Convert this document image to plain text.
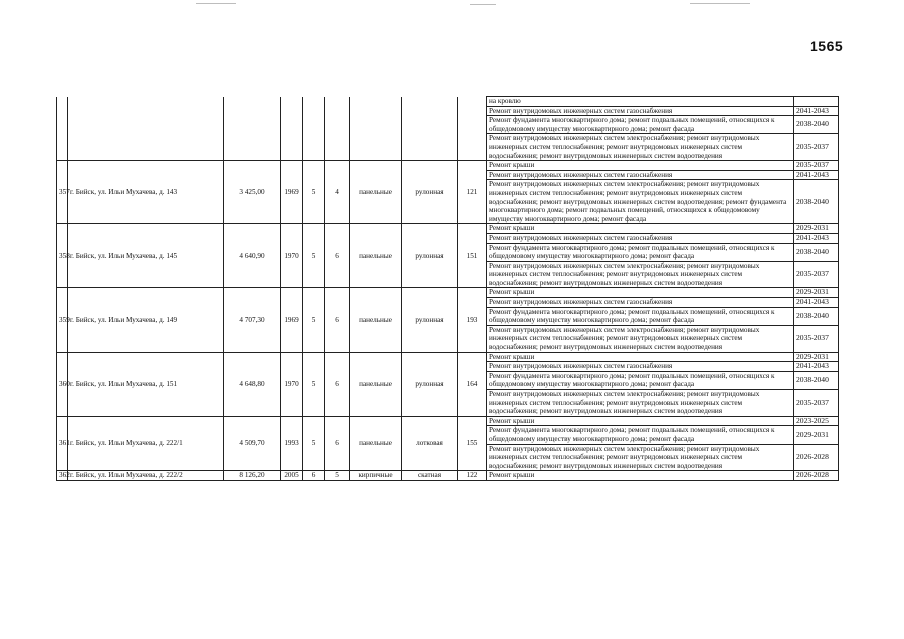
1565
									на кровлю	
									Ремонт внутридомовых инженерных систем газоснабжения	2041-2043
									Ремонт фундамента многоквартирного дома; ремонт подвальных помещений, относящихся к общедомовому имуществу многоквартирного дома; ремонт фасада	2038-2040
									Ремонт внутридомовых инженерных систем электроснабжения; ремонт внутридомовых инженерных систем теплоснабжения; ремонт внутридомовых инженерных систем водоснабжения; ремонт внутридомовых инженерных систем водоотведения	2035-2037
357	г. Бийск, ул. Ильи Мухачева, д. 143	3 425,00	1969	5	4	панельные	рулонная	121	Ремонт крыши	2035-2037
									Ремонт внутридомовых инженерных систем газоснабжения	2041-2043
									Ремонт внутридомовых инженерных систем электроснабжения; ремонт внутридомовых инженерных систем теплоснабжения; ремонт внутридомовых инженерных систем водоснабжения; ремонт внутридомовых инженерных систем водоотведения; ремонт фундамента многоквартирного дома; ремонт подвальных помещений, относящихся к общедомовому имуществу многоквартирного дома; ремонт фасада	2038-2040
358	г. Бийск, ул. Ильи Мухачева, д. 145	4 640,90	1970	5	6	панельные	рулонная	151	Ремонт крыши	2029-2031
									Ремонт внутридомовых инженерных систем газоснабжения	2041-2043
									Ремонт фундамента многоквартирного дома; ремонт подвальных помещений, относящихся к общедомовому имуществу многоквартирного дома; ремонт фасада	2038-2040
									Ремонт внутридомовых инженерных систем электроснабжения; ремонт внутридомовых инженерных систем теплоснабжения; ремонт внутридомовых инженерных систем водоснабжения; ремонт внутридомовых инженерных систем водоотведения	2035-2037
359	г. Бийск, ул. Ильи Мухачева, д. 149	4 707,30	1969	5	6	панельные	рулонная	193	Ремонт крыши	2029-2031
									Ремонт внутридомовых инженерных систем газоснабжения	2041-2043
									Ремонт фундамента многоквартирного дома; ремонт подвальных помещений, относящихся к общедомовому имуществу многоквартирного дома; ремонт фасада	2038-2040
									Ремонт внутридомовых инженерных систем электроснабжения; ремонт внутридомовых инженерных систем теплоснабжения; ремонт внутридомовых инженерных систем водоснабжения; ремонт внутридомовых инженерных систем водоотведения	2035-2037
360	г. Бийск, ул. Ильи Мухачева, д. 151	4 648,80	1970	5	6	панельные	рулонная	164	Ремонт крыши	2029-2031
									Ремонт внутридомовых инженерных систем газоснабжения	2041-2043
									Ремонт фундамента многоквартирного дома; ремонт подвальных помещений, относящихся к общедомовому имуществу многоквартирного дома; ремонт фасада	2038-2040
									Ремонт внутридомовых инженерных систем электроснабжения; ремонт внутридомовых инженерных систем теплоснабжения; ремонт внутридомовых инженерных систем водоснабжения; ремонт внутридомовых инженерных систем водоотведения	2035-2037
361	г. Бийск, ул. Ильи Мухачева, д. 222/1	4 509,70	1993	5	6	панельные	лотковая	155	Ремонт крыши	2023-2025
									Ремонт фундамента многоквартирного дома; ремонт подвальных помещений, относящихся к общедомовому имуществу многоквартирного дома; ремонт фасада	2029-2031
									Ремонт внутридомовых инженерных систем электроснабжения; ремонт внутридомовых инженерных систем теплоснабжения; ремонт внутридомовых инженерных систем водоснабжения; ремонт внутридомовых инженерных систем водоотведения	2026-2028
362	г. Бийск, ул. Ильи Мухачева, д. 222/2	8 126,20	2005	6	5	кирпичные	скатная	122	Ремонт крыши	2026-2028
